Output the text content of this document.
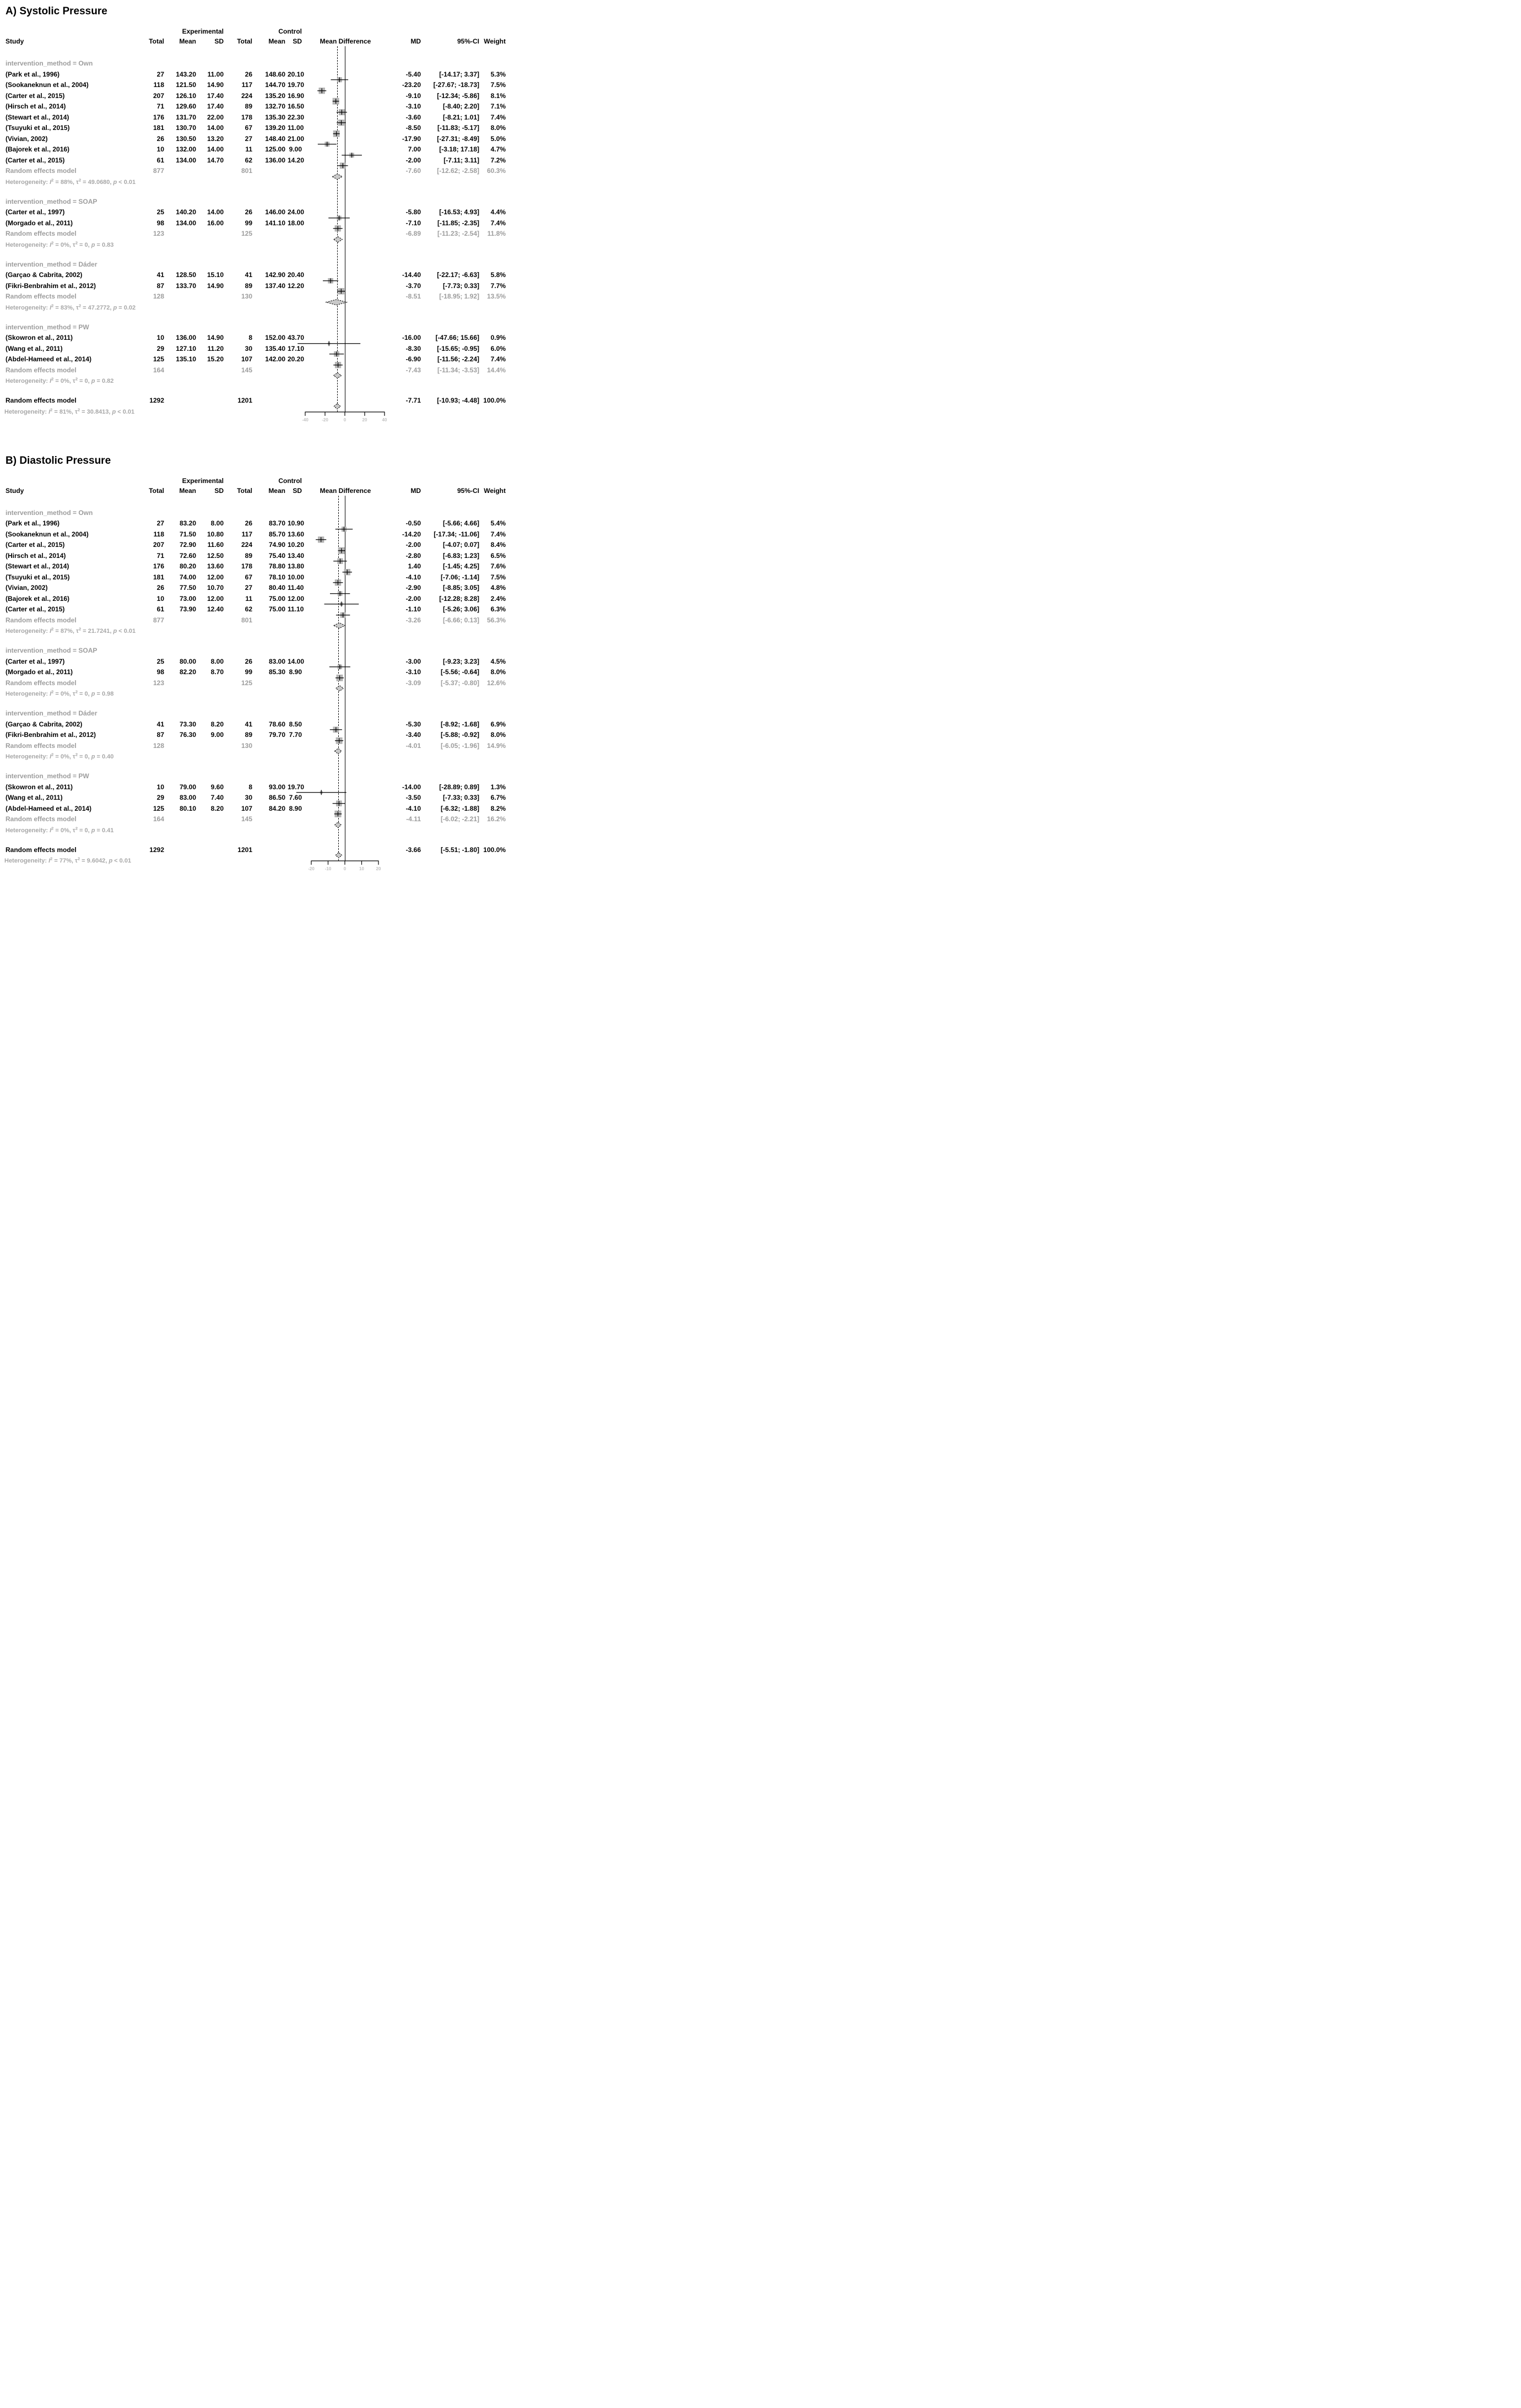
A) Systolic Pressure
Experimental	Control
Study	Total	Mean	SD	Total	Mean	SD	Mean Difference	MD	95%-CI Weight
intervention_method = Own
(Park et al., 1996)	27	143.20	11.00	26	148.60 20.10	-5.40	[-14.17; 3.37]	5.3%
(Sookaneknun et al., 2004)	118	121.50	14.90	117	144.70 19.70	-23.20	[-27.67; -18.73]	7.5%
(Carter et al., 2015)	207	126.10	17.40	224	135.20 16.90	-9.10	[-12.34; -5.86]	8.1%
(Hirsch et al., 2014)	71	129.60	17.40	89	132.70 16.50	-3.10	[-8.40; 2.20]	7.1%
(Stewart et al., 2014)	176	131.70	22.00	178	135.30 22.30	-3.60	[-8.21; 1.01]	7.4%
(Tsuyuki et al., 2015)	181	130.70	14.00	67	139.20 11.00	-8.50	[-11.83; -5.17]	8.0%
(Vivian, 2002)	26	130.50	13.20	27	148.40 21.00	-17.90	[-27.31; -8.49]	5.0%
(Bajorek et al., 2016)	10	132.00	14.00	11	125.00 9.00	7.00	[-3.18; 17.18]	4.7%
(Carter et al., 2015)	61	134.00	14.70	62	136.00 14.20	-2.00	[-7.11; 3.11]	7.2%
Random effects model	877	801	-7.60	[-12.62; -2.58]	60.3%
Heterogeneity: $I^2 = 88\%$, $\tau^2 = 49.0680$, p < 0.01
intervention_method = SOAP
(Carter et al., 1997)	25	140.20	14.00	26	146.00 24.00	-5.80	[-16.53; 4.93]	4.4%
(Morgado et al., 2011)	98	134.00	16.00	99	141.10 18.00	-7.10	[-11.85; -2.35]	7.4%
Random effects model	123	125	-6.89	[-11.23; -2.54]	11.8%
Heterogeneity: $I^2 = 0\%$, $\tau^2 = 0$, p = 0.83
intervention_method = Dáder
(Garçao & Cabrita, 2002)	41	128.50	15.10	41	142.90 20.40	-14.40	[-22.17; -6.63]	5.8%
(Fikri-Benbrahim et al., 2012)	87	133.70	14.90	89	137.40 12.20	-3.70	[-7.73; 0.33]	7.7%
Random effects model	128	130	-8.51	[-18.95; 1.92]	13.5%
Heterogeneity: $I^2 = 83\%$, $\tau^2 = 47.2772$, p = 0.02
intervention_method = PW
(Skowron et al., 2011)	10	136.00	14.90	8	152.00 43.70	-16.00	[-47.66; 15.66]	0.9%
(Wang et al., 2011)	29	127.10	11.20	30	135.40 17.10	-8.30	[-15.65; -0.95]	6.0%
(Abdel-Hameed et al., 2014)	125	135.10	15.20	107	142.00 20.20	-6.90	[-11.56; -2.24]	7.4%
Random effects model	164	145	-7.43	[-11.34; -3.53]	14.4%
Heterogeneity: $I^2 = 0\%$, $\tau^2 = 0$, p = 0.82
Random effects model	1292	1201	-7.71	[-10.93; -4.48] 100.0%
Heterogeneity: $I^2 = 81\%$, $\tau^2 = 30.8413$, p < 0.01
-40	-20	0	20	40
B) Diastolic Pressure
Experimental	Control
Study	Total	Mean	SD	Total	Mean	SD	Mean Difference	MD	95%-CI Weight
intervention_method = Own
(Park et al., 1996)	27	83.20	8.00	26	83.70 10.90	-0.50	[-5.66; 4.66]	5.4%
(Sookaneknun et al., 2004)	118	71.50	10.80	117	85.70 13.60	-14.20	[-17.34; -11.06]	7.4%
(Carter et al., 2015)	207	72.90	11.60	224	74.90 10.20	-2.00	[-4.07; 0.07]	8.4%
(Hirsch et al., 2014)	71	72.60	12.50	89	75.40 13.40	-2.80	[-6.83; 1.23]	6.5%
(Stewart et al., 2014)	176	80.20	13.60	178	78.80 13.80	1.40	[-1.45; 4.25]	7.6%
(Tsuyuki et al., 2015)	181	74.00	12.00	67	78.10 10.00	-4.10	[-7.06; -1.14]	7.5%
(Vivian, 2002)	26	77.50	10.70	27	80.40 11.40	-2.90	[-8.85; 3.05]	4.8%
(Bajorek et al., 2016)	10	73.00	12.00	11	75.00 12.00	-2.00	[-12.28; 8.28]	2.4%
(Carter et al., 2015)	61	73.90	12.40	62	75.00 11.10	-1.10	[-5.26; 3.06]	6.3%
Random effects model	877	801	-3.26	[-6.66; 0.13]	56.3%
Heterogeneity: $I^2 = 87\%$, $\tau^2 = 21.7241$, p < 0.01
intervention_method = SOAP
(Carter et al., 1997)	25	80.00	8.00	26	83.00 14.00	-3.00	[-9.23; 3.23]	4.5%
(Morgado et al., 2011)	98	82.20	8.70	99	85.30 8.90	-3.10	[-5.56; -0.64]	8.0%
Random effects model	123	125	-3.09	[-5.37; -0.80]	12.6%
Heterogeneity: $I^2 = 0\%$, $\tau^2 = 0$, p = 0.98
intervention_method = Dáder
(Garçao & Cabrita, 2002)	41	73.30	8.20	41	78.60 8.50	-5.30	[-8.92; -1.68]	6.9%
(Fikri-Benbrahim et al., 2012)	87	76.30	9.00	89	79.70 7.70	-3.40	[-5.88; -0.92]	8.0%
Random effects model	128	130	-4.01	[-6.05; -1.96]	14.9%
Heterogeneity: $I^2 = 0\%$, $\tau^2 = 0$, p = 0.40
intervention_method = PW
(Skowron et al., 2011)	10	79.00	9.60	8	93.00 19.70	-14.00	[-28.89; 0.89]	1.3%
(Wang et al., 2011)	29	83.00	7.40	30	86.50 7.60	-3.50	[-7.33; 0.33]	6.7%
(Abdel-Hameed et al., 2014)	125	80.10	8.20	107	84.20 8.90	-4.10	[-6.32; -1.88]	8.2%
Random effects model	164	145	-4.11	[-6.02; -2.21]	16.2%
Heterogeneity: $I^2 = 0\%$, $\tau^2 = 0$, p = 0.41
Random effects model	1292	1201	-3.66	[-5.51; -1.80] 100.0%
Heterogeneity: $I^2 = 77\%$, $\tau^2 = 9.6042$, p < 0.01
-20 -10	0	10	20
